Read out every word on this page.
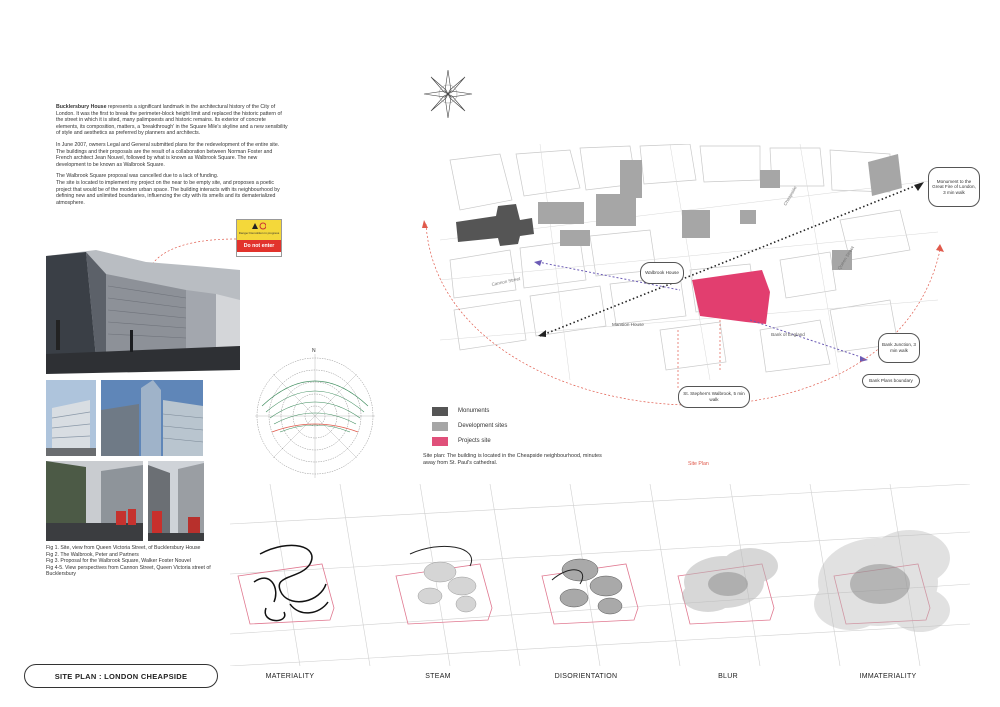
Bucklersbury House represents a significant landmark in the architectural history of the City of London. It was the first to break the perimeter-block height limit and replaced the historic pattern of the street in which it is sited, many palimpsests and historic remains. Its exterior of concrete elements, its composition, matters, a 'breakthrough' in the Square Mile's skyline and a new sensibility of style and aesthetics as preferred by planners and architects.

In June 2007, owners Legal and General submitted plans for the redevelopment of the entire site. The buildings and their proposals are the result of a collaboration between Norman Foster and French architect Jean Nouvel, followed by what is known as Walbrook Square. The new development to be known as Walbrook Square.

The Walbrook Square proposal was cancelled due to a lack of funding.

The site is located to implement my project on the near to be empty site, and proposes a poetic project that would be of the modern urban space. The building interacts with its neighbourhood by defining new and unlimited boundaries, influencing the city with its smells and its dematerialized atmosphere.

Danger Demolition in progress
Do not enter
Fig 1. Site, view from Queen Victoria Street, of Bucklersbury House
Fig 2. The Walbrook, Peter and Partners
Fig 3. Proposal for the Walbrook Square, Walker Foster Nouvel
Fig 4-5. View perspectives from Cannon Street, Queen Victoria street of Bucklersbury
N
Cheapside
Queen Street
Cannon Street
Site Plan
Monument to the Great Fire of London, 3 min walk
Walbrook House
Mansion House
St. Stephen's Walbrook, 5 min walk
Bank of England
Bank Junction, 3 min walk
Bank Plans boundary
Monuments
Development sites
Projects site
Site plan: The building is located in the Cheapside neighbourhood, minutes away from St. Paul's cathedral.
SITE PLAN : LONDON CHEAPSIDE	MATERIALITY	STEAM	DISORIENTATION	BLUR	IMMATERIALITY
